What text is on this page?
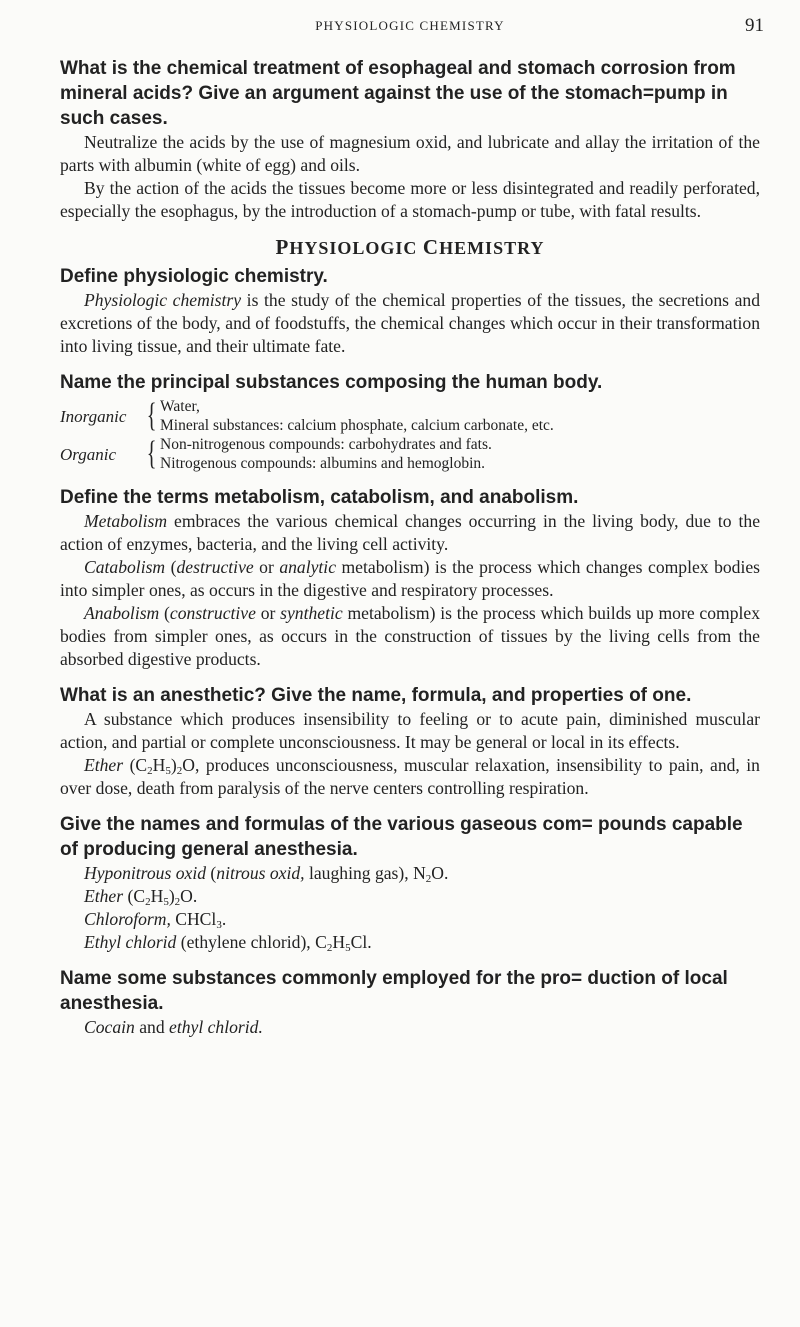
PHYSIOLOGIC CHEMISTRY	91

What is the chemical treatment of esophageal and stomach corrosion from mineral acids? Give an argument against the use of the stomach=pump in such cases.

Neutralize the acids by the use of magnesium oxid, and lubricate and allay the irritation of the parts with albumin (white of egg) and oils.

By the action of the acids the tissues become more or less disintegrated and readily perforated, especially the esophagus, by the introduction of a stomach-pump or tube, with fatal results.

PHYSIOLOGIC CHEMISTRY

Define physiologic chemistry.

Physiologic chemistry is the study of the chemical properties of the tissues, the secretions and excretions of the body, and of foodstuffs, the chemical changes which occur in their transformation into living tissue, and their ultimate fate.

Name the principal substances composing the human body.

Inorganic { Water,
Mineral substances: calcium phosphate, calcium carbonate, etc.
Organic { Non-nitrogenous compounds: carbohydrates and fats.
Nitrogenous compounds: albumins and hemoglobin.

Define the terms metabolism, catabolism, and anabolism.

Metabolism embraces the various chemical changes occurring in the living body, due to the action of enzymes, bacteria, and the living cell activity.

Catabolism (destructive or analytic metabolism) is the process which changes complex bodies into simpler ones, as occurs in the digestive and respiratory processes.

Anabolism (constructive or synthetic metabolism) is the process which builds up more complex bodies from simpler ones, as occurs in the construction of tissues by the living cells from the absorbed digestive products.

What is an anesthetic? Give the name, formula, and properties of one.

A substance which produces insensibility to feeling or to acute pain, diminished muscular action, and partial or complete unconsciousness. It may be general or local in its effects.

Ether $(C_2H_5)_2O$, produces unconsciousness, muscular relaxation, insensibility to pain, and, in over dose, death from paralysis of the nerve centers controlling respiration.

Give the names and formulas of the various gaseous com= pounds capable of producing general anesthesia.

Hyponitrous oxid (nitrous oxid, laughing gas), $N_2O$.

Ether $(C_2H_5)_2O$.

Chloroform, CHCl$_3$.

Ethyl chlorid (ethylene chlorid), $C_2H_5Cl$.

Name some substances commonly employed for the pro= duction of local anesthesia.

Cocain and ethyl chlorid.
